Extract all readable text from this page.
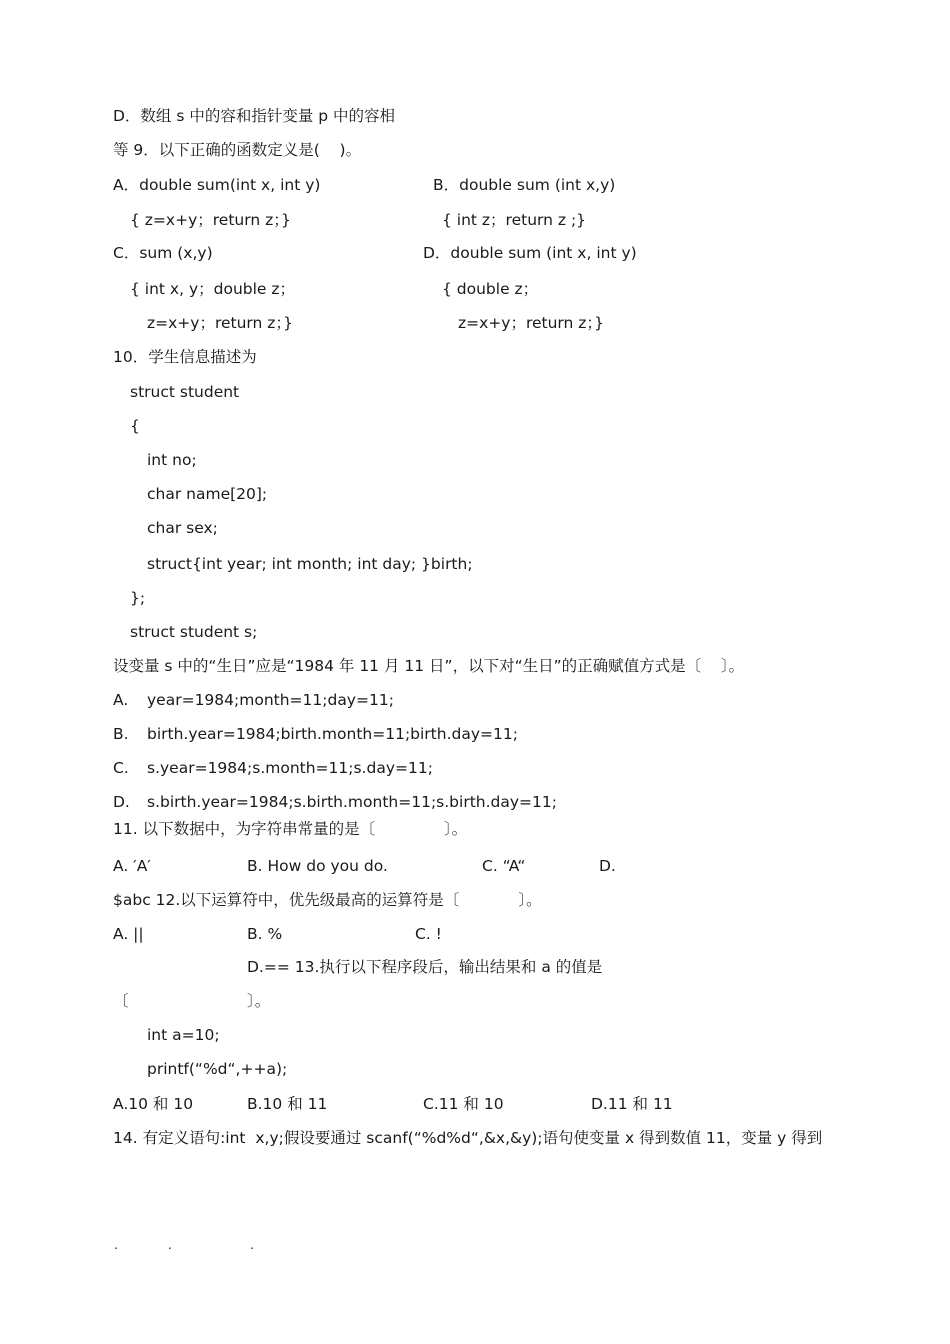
D．数组 s 中的容和指针变量 p 中的容相
等 9．以下正确的函数定义是(    )。
A．double sum(int x, int y)	B．double sum (int x,y)
{ z=x+y；return z；}	{ int z；return z ;}
C．sum (x,y)	D．double sum (int x, int y)
{ int x, y；double z；	{ double z；
z=x+y；return z；}	z=x+y；return z；}
10．学生信息描述为
struct student
{
int no;
char name[20];
char sex;
struct{int year; int month; int day; }birth;
};
struct student s;
设变量 s 中的“生日”应是“1984 年 11 月 11 日”，以下对“生日”的正确赋值方式是〔    〕。
A. year=1984;month=11;day=11;
B. birth.year=1984;birth.month=11;birth.day=11;
C. s.year=1984;s.month=11;s.day=11;
D. s.birth.year=1984;s.birth.month=11;s.birth.day=11;
11. 以下数据中，为字符串常量的是〔              〕。
A. ′A′	B. How do you do.	C. “A“	D.
$abc 12.以下运算符中，优先级最高的运算符是〔            〕。
A. ||	B. %	C. !
D.== 13.执行以下程序段后，输出结果和 a 的值是
〔	〕。
int a=10;
printf(“%d“,++a);
A.10 和 10	B.10 和 11	C.11 和 10	D.11 和 11
14. 有定义语句:int  x,y;假设要通过 scanf(“%d%d“,&x,&y);语句使变量 x 得到数值 11，变量 y 得到
.	.	.
